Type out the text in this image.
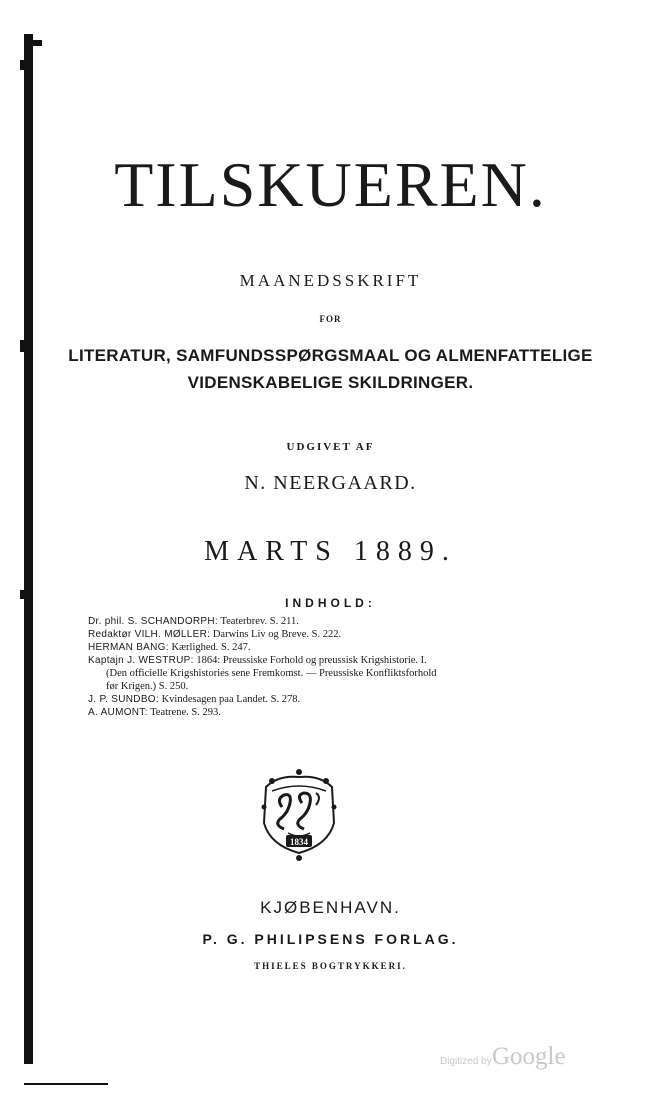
TILSKUEREN.
MAANEDSSKRIFT
FOR
LITERATUR, SAMFUNDSSPØRGSMAAL OG ALMENFATTELIGE
VIDENSKABELIGE SKILDRINGER.
UDGIVET AF
N. NEERGAARD.
MARTS 1889.
INDHOLD:

Dr. phil. S. SCHANDORPH: Teaterbrev. S. 211.

Redaktør VILH. MØLLER: Darwins Liv og Breve. S. 222.

HERMAN BANG: Kærlighed. S. 247.

Kaptajn J. WESTRUP: 1864: Preussiske Forhold og preussisk Krigshistorie. I.
(Den officielle Krigshistories sene Fremkomst. — Preussiske Konfliktsforhold
før Krigen.) S. 250.

J. P. SUNDBO: Kvindesagen paa Landet. S. 278.

A. AUMONT: Teatrene. S. 293.

1834
KJØBENHAVN.
P. G. PHILIPSENS FORLAG.
THIELES BOGTRYKKERI.
Digitized by Google
